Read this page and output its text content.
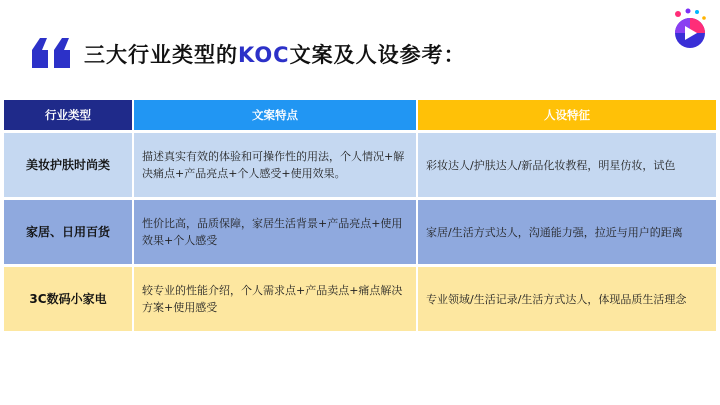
三大行业类型的KOC文案及人设参考：
行业类型	文案特点	人设特征
美妆护肤时尚类
描述真实有效的体验和可操作性的用法，个人情况+解决痛点+产品亮点+个人感受+使用效果。
彩妆达人/护肤达人/新品化妆教程，明星仿妆，试色
家居、日用百货
性价比高，品质保障，家居生活背景+产品亮点+使用效果+个人感受
家居/生活方式达人，沟通能力强，拉近与用户的距离
3C数码小家电
较专业的性能介绍，个人需求点+产品卖点+痛点解决方案+使用感受
专业领域/生活记录/生活方式达人，体现品质生活理念
